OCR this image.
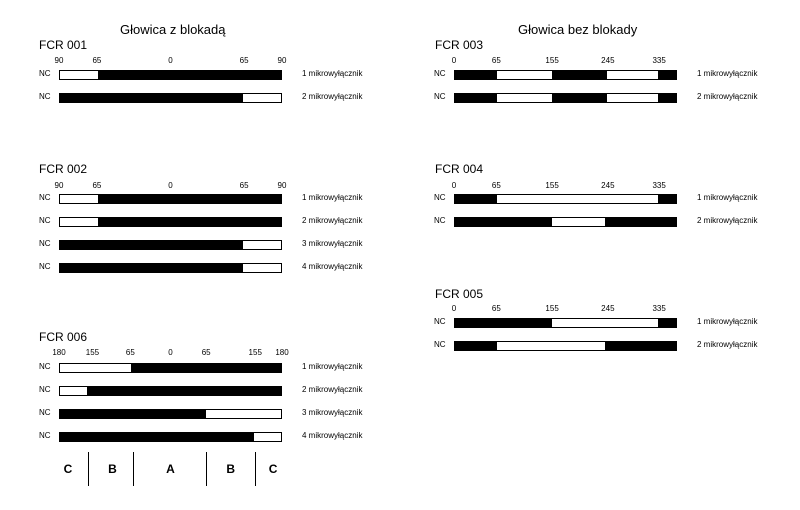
Głowica z blokadą	Głowica bez blokady
FCR 001
90	65	0	65	90
NC	1 mikrowyłącznik
NC	2 mikrowyłącznik
FCR 002
90	65	0	65	90
NC	1 mikrowyłącznik
NC	2 mikrowyłącznik
NC	3 mikrowyłącznik
NC	4 mikrowyłącznik
FCR 006
180	155	65	0	65	155 180
NC	1 mikrowyłącznik
NC	2 mikrowyłącznik
NC	3 mikrowyłącznik
NC	4 mikrowyłącznik
C	B	A	B	C
FCR 003
0	65	155	245	335
NC	1 mikrowyłącznik
NC	2 mikrowyłącznik
FCR 004
0	65	155	245	335
NC	1 mikrowyłącznik
NC	2 mikrowyłącznik
FCR 005
0	65	155	245	335
NC	1 mikrowyłącznik
NC	2 mikrowyłącznik
